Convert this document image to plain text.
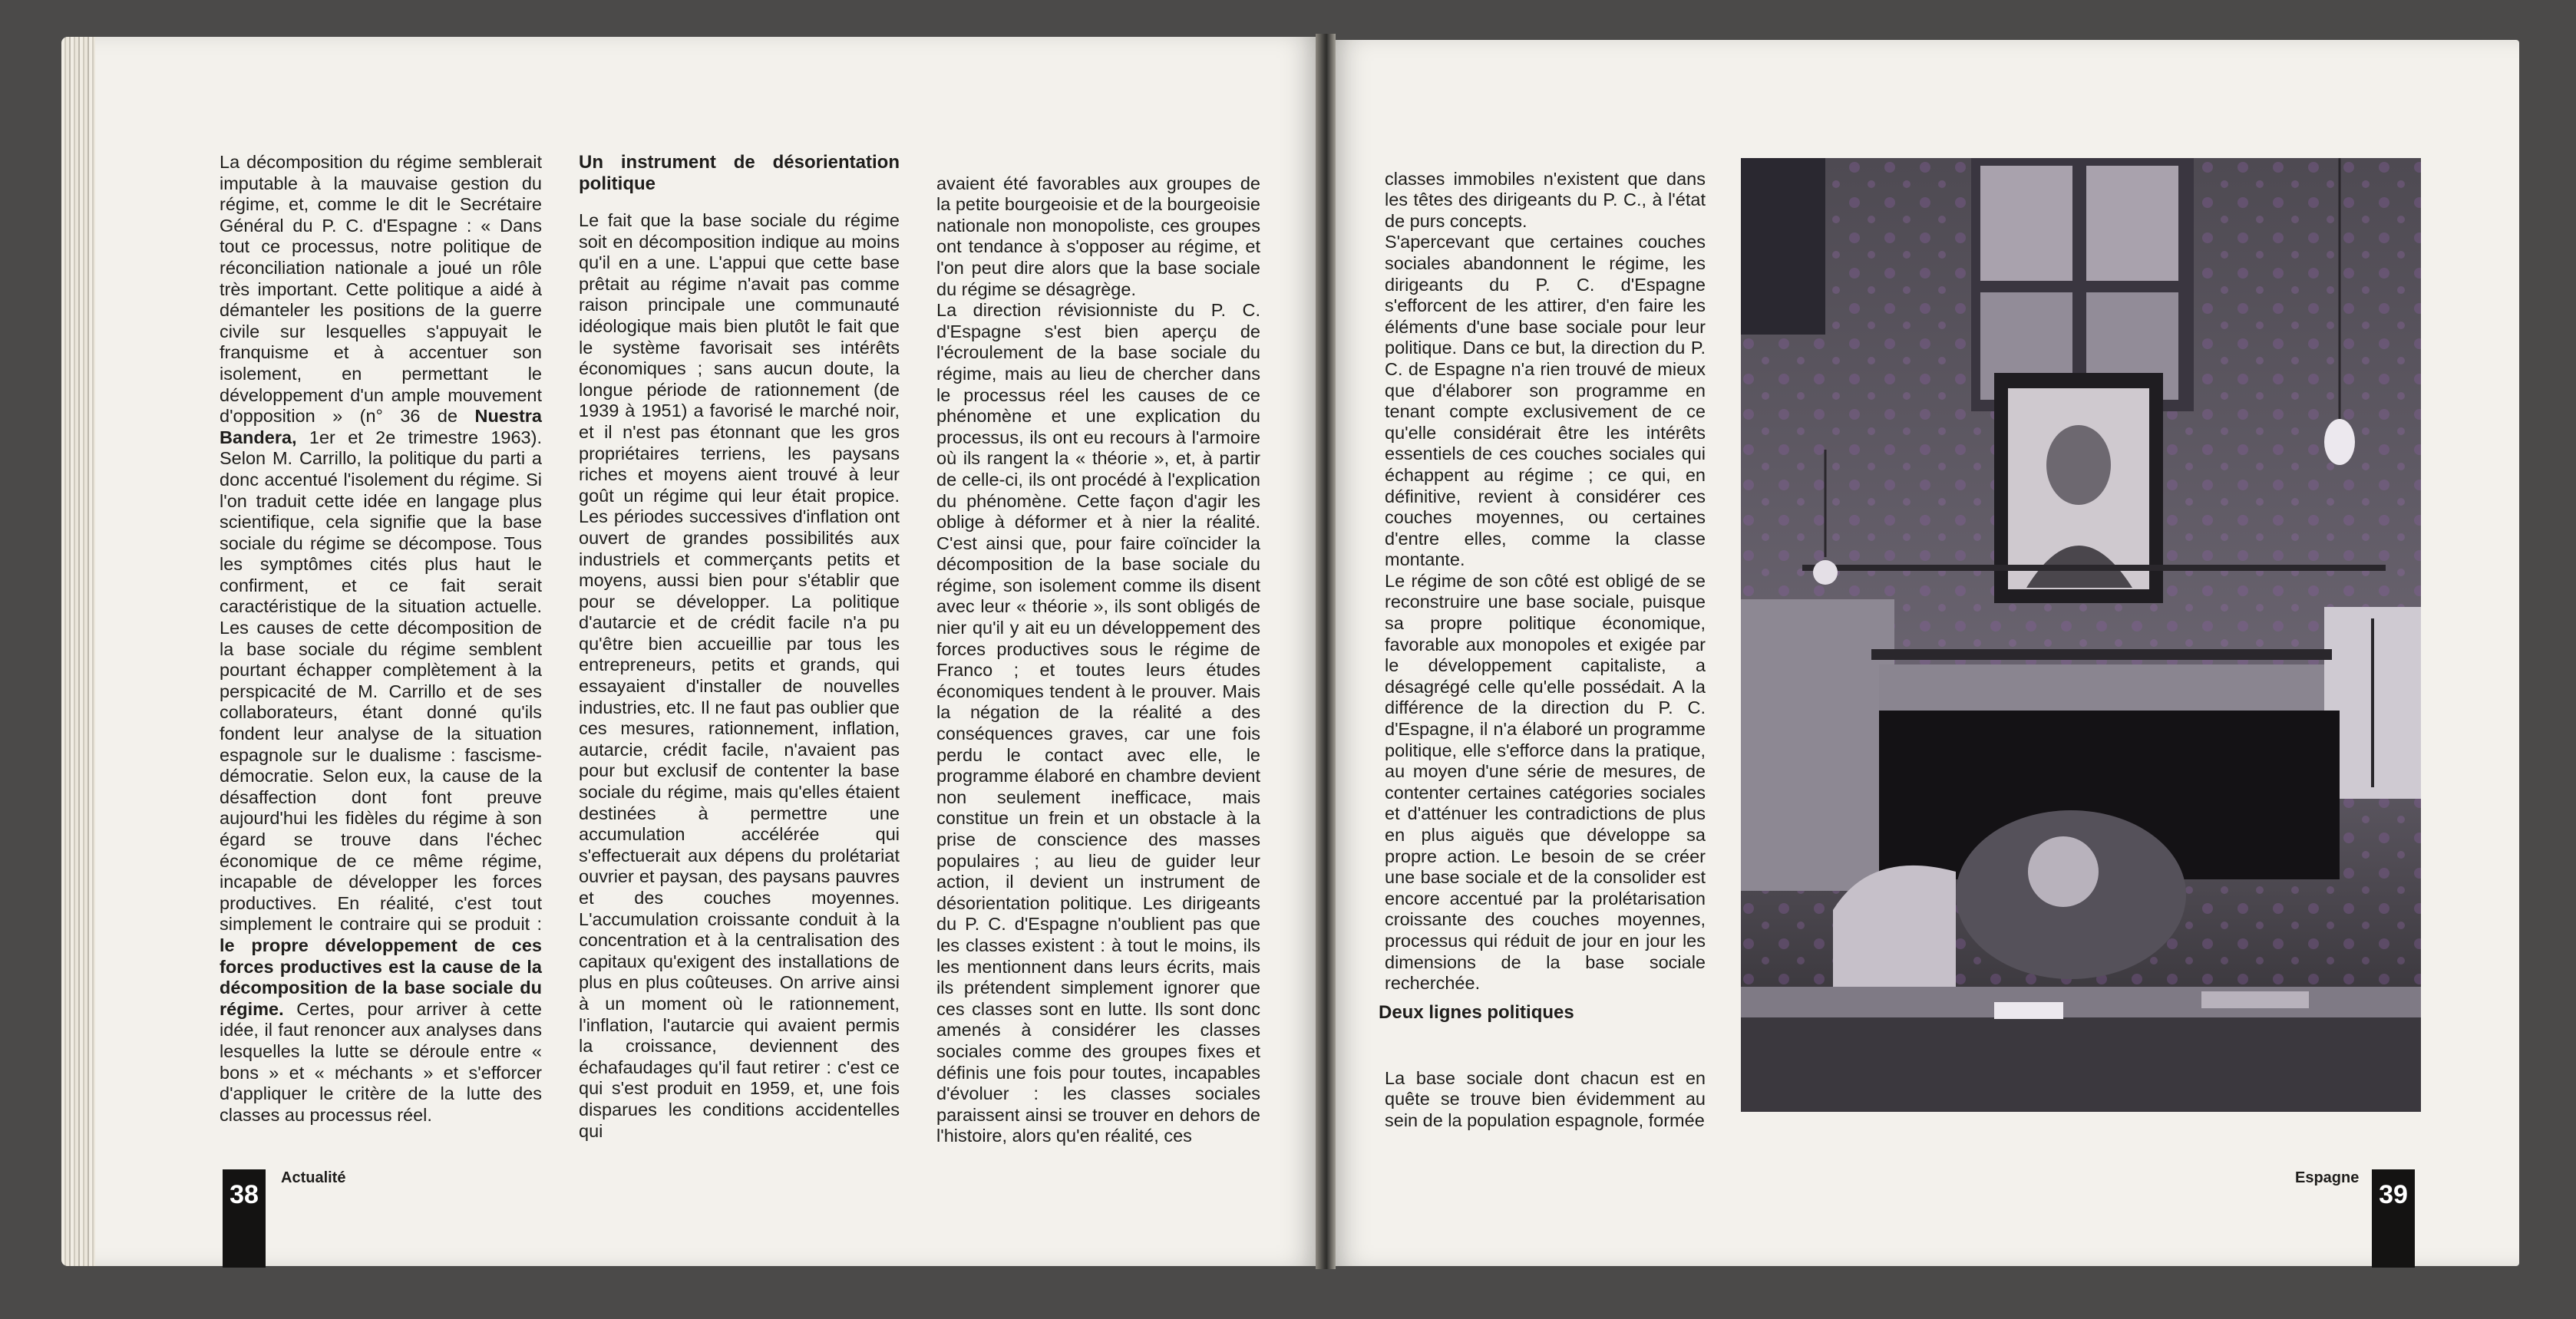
La décomposition du régime semblerait imputable à la mauvaise gestion du régime, et, comme le dit le Secrétaire Général du P. C. d'Espagne : « Dans tout ce processus, notre politique de réconciliation nationale a joué un rôle très important. Cette politique a aidé à démanteler les positions de la guerre civile sur lesquelles s'appuyait le franquisme et à accentuer son isolement, en permettant le développement d'un ample mouvement d'opposition » (n° 36 de Nuestra Bandera, 1er et 2e trimestre 1963). Selon M. Carrillo, la politique du parti a donc accentué l'isolement du régime. Si l'on traduit cette idée en langage plus scientifique, cela signifie que la base sociale du régime se décompose. Tous les symptômes cités plus haut le confirment, et ce fait serait caractéristique de la situation actuelle. Les causes de cette décomposition de la base sociale du régime semblent pourtant échapper complètement à la perspicacité de M. Carrillo et de ses collaborateurs, étant donné qu'ils fondent leur analyse de la situation espagnole sur le dualisme : fascisme-démocratie. Selon eux, la cause de la désaffection dont font preuve aujourd'hui les fidèles du régime à son égard se trouve dans l'échec économique de ce même régime, incapable de développer les forces productives. En réalité, c'est tout simplement le contraire qui se produit : le propre développement de ces forces productives est la cause de la décomposition de la base sociale du régime. Certes, pour arriver à cette idée, il faut renoncer aux analyses dans lesquelles la lutte se déroule entre « bons » et « méchants » et s'efforcer d'appliquer le critère de la lutte des classes au processus réel.
Un instrument de désorientation politique
Le fait que la base sociale du régime soit en décomposition indique au moins qu'il en a une. L'appui que cette base prêtait au régime n'avait pas comme raison principale une communauté idéologique mais bien plutôt le fait que le système favorisait ses intérêts économiques ; sans aucun doute, la longue période de rationnement (de 1939 à 1951) a favorisé le marché noir, et il n'est pas étonnant que les gros propriétaires terriens, les paysans riches et moyens aient trouvé à leur goût un régime qui leur était propice. Les périodes successives d'inflation ont ouvert de grandes possibilités aux industriels et commerçants petits et moyens, aussi bien pour s'établir que pour se développer. La politique d'autarcie et de crédit facile n'a pu qu'être bien accueillie par tous les entrepreneurs, petits et grands, qui essayaient d'installer de nouvelles industries, etc. Il ne faut pas oublier que ces mesures, rationnement, inflation, autarcie, crédit facile, n'avaient pas pour but exclusif de contenter la base sociale du régime, mais qu'elles étaient destinées à permettre une accumulation accélérée qui s'effectuerait aux dépens du prolétariat ouvrier et paysan, des paysans pauvres et des couches moyennes. L'accumulation croissante conduit à la concentration et à la centralisation des capitaux qu'exigent des installations de plus en plus coûteuses. On arrive ainsi à un moment où le rationnement, l'inflation, l'autarcie qui avaient permis la croissance, deviennent des échafaudages qu'il faut retirer : c'est ce qui s'est produit en 1959, et, une fois disparues les conditions accidentelles qui

avaient été favorables aux groupes de la petite bourgeoisie et de la bourgeoisie nationale non monopoliste, ces groupes ont tendance à s'opposer au régime, et l'on peut dire alors que la base sociale du régime se désagrège.
La direction révisionniste du P. C. d'Espagne s'est bien aperçu de l'écroulement de la base sociale du régime, mais au lieu de chercher dans le processus réel les causes de ce phénomène et une explication du processus, ils ont eu recours à l'armoire où ils rangent la « théorie », et, à partir de celle-ci, ils ont procédé à l'explication du phénomène. Cette façon d'agir les oblige à déformer et à nier la réalité. C'est ainsi que, pour faire coïncider la décomposition de la base sociale du régime, son isolement comme ils disent avec leur « théorie », ils sont obligés de nier qu'il y ait eu un développement des forces productives sous le régime de Franco ; et toutes leurs études économiques tendent à le prouver. Mais la négation de la réalité a des conséquences graves, car une fois perdu le contact avec elle, le programme élaboré en chambre devient non seulement inefficace, mais constitue un frein et un obstacle à la prise de conscience des masses populaires ; au lieu de guider leur action, il devient un instrument de désorientation politique. Les dirigeants du P. C. d'Espagne n'oublient pas que les classes existent : à tout le moins, ils les mentionnent dans leurs écrits, mais ils prétendent simplement ignorer que ces classes sont en lutte. Ils sont donc amenés à considérer les classes sociales comme des groupes fixes et définis une fois pour toutes, incapables d'évoluer : les classes sociales paraissent ainsi se trouver en dehors de l'histoire, alors qu'en réalité, ces

38
Actualité

classes immobiles n'existent que dans les têtes des dirigeants du P. C., à l'état de purs concepts.
S'apercevant que certaines couches sociales abandonnent le régime, les dirigeants du P. C. d'Espagne s'efforcent de les attirer, d'en faire les éléments d'une base sociale pour leur politique. Dans ce but, la direction du P. C. de Espagne n'a rien trouvé de mieux que d'élaborer son programme en tenant compte exclusivement de ce qu'elle considérait être les intérêts essentiels de ces couches sociales qui échappent au régime ; ce qui, en définitive, revient à considérer ces couches moyennes, ou certaines d'entre elles, comme la classe montante.
Le régime de son côté est obligé de se reconstruire une base sociale, puisque sa propre politique économique, favorable aux monopoles et exigée par le développement capitaliste, a désagrégé celle qu'elle possédait. A la différence de la direction du P. C. d'Espagne, il n'a élaboré un programme politique, elle s'efforce dans la pratique, au moyen d'une série de mesures, de contenter certaines catégories sociales et d'atténuer les contradictions de plus en plus aiguës que développe sa propre action. Le besoin de se créer une base sociale et de la consolider est encore accentué par la prolétarisation croissante des couches moyennes, processus qui réduit de jour en jour les dimensions de la base sociale recherchée.

Deux lignes politiques

La base sociale dont chacun est en quête se trouve bien évidemment au sein de la population espagnole, formée

Espagne
39
